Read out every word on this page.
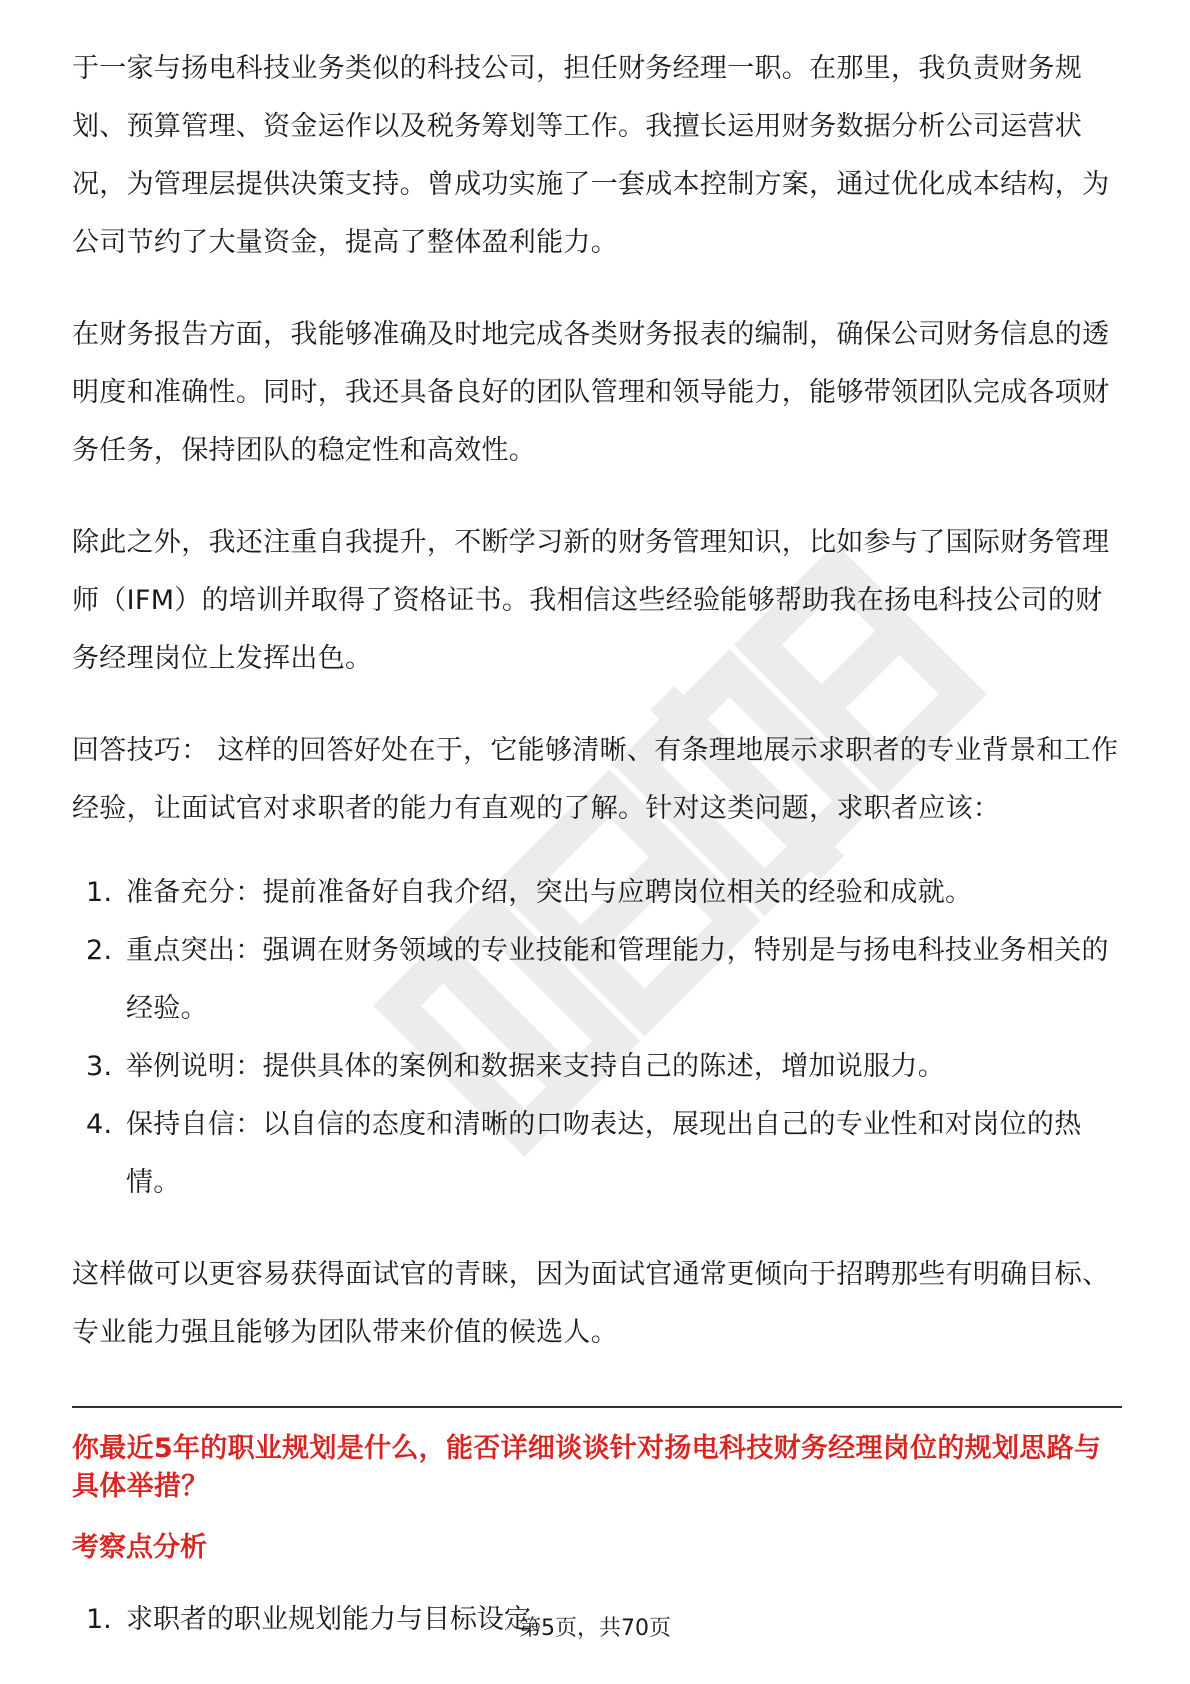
于一家与扬电科技业务类似的科技公司，担任财务经理一职。在那里，我负责财务规划、预算管理、资金运作以及税务筹划等工作。我擅长运用财务数据分析公司运营状况，为管理层提供决策支持。曾成功实施了一套成本控制方案，通过优化成本结构，为公司节约了大量资金，提高了整体盈利能力。

在财务报告方面，我能够准确及时地完成各类财务报表的编制，确保公司财务信息的透明度和准确性。同时，我还具备良好的团队管理和领导能力，能够带领团队完成各项财务任务，保持团队的稳定性和高效性。

除此之外，我还注重自我提升，不断学习新的财务管理知识，比如参与了国际财务管理师（IFM）的培训并取得了资格证书。我相信这些经验能够帮助我在扬电科技公司的财务经理岗位上发挥出色。

回答技巧： 这样的回答好处在于，它能够清晰、有条理地展示求职者的专业背景和工作经验，让面试官对求职者的能力有直观的了解。针对这类问题，求职者应该：

1. 准备充分：提前准备好自我介绍，突出与应聘岗位相关的经验和成就。
2. 重点突出：强调在财务领域的专业技能和管理能力，特别是与扬电科技业务相关的经验。
3. 举例说明：提供具体的案例和数据来支持自己的陈述，增加说服力。
4. 保持自信：以自信的态度和清晰的口吻表达，展现出自己的专业性和对岗位的热情。

这样做可以更容易获得面试官的青睐，因为面试官通常更倾向于招聘那些有明确目标、专业能力强且能够为团队带来价值的候选人。

你最近5年的职业规划是什么，能否详细谈谈针对扬电科技财务经理岗位的规划思路与具体举措？
考察点分析
1. 求职者的职业规划能力与目标设定。
第5页，共70页
